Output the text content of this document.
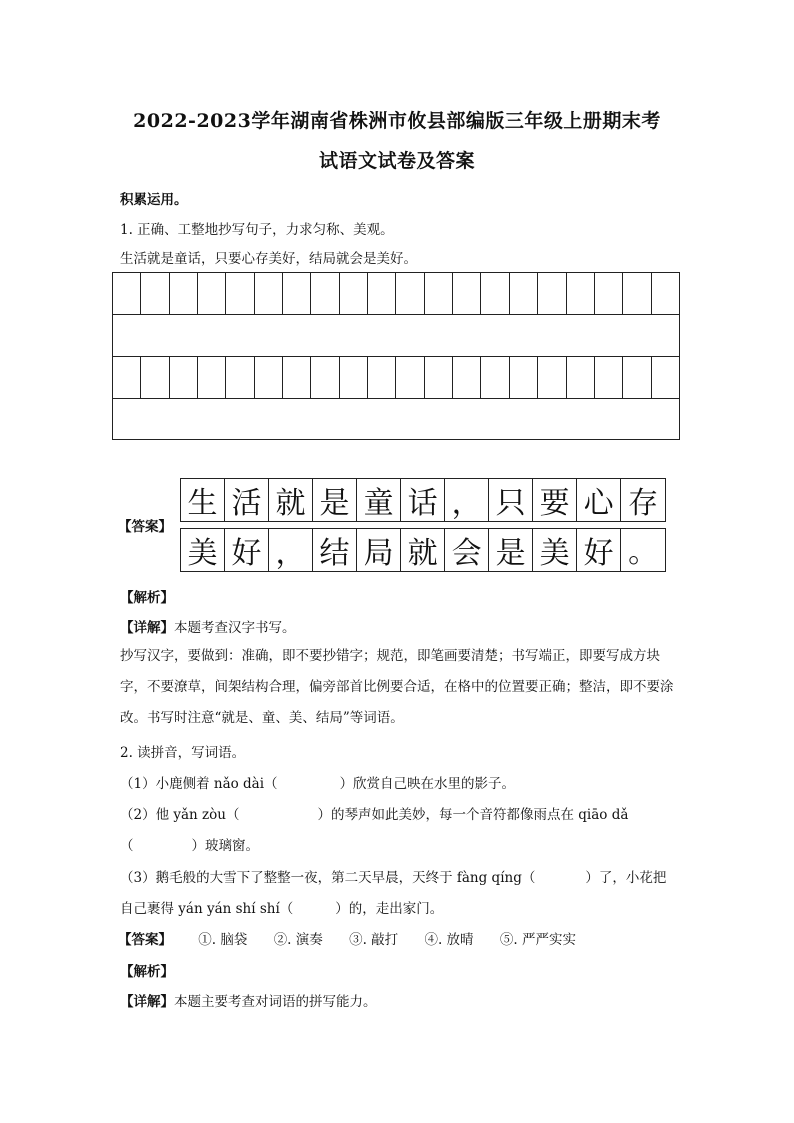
2022-2023学年湖南省株洲市攸县部编版三年级上册期末考
试语文试卷及答案
积累运用。
1. 正确、工整地抄写句子，力求匀称、美观。
生活就是童话，只要心存美好，结局就会是美好。
【答案】
生 活 就 是 童 话 ， 只 要 心 存
美 好 ， 结 局 就 会 是 美 好 。
【解析】
【详解】本题考查汉字书写。
抄写汉字，要做到：准确，即不要抄错字；规范，即笔画要清楚；书写端正，即要写成方块字，不要潦草，间架结构合理，偏旁部首比例要合适，在格中的位置要正确；整洁，即不要涂改。书写时注意“就是、童、美、结局”等词语。
2. 读拼音，写词语。
（1）小鹿侧着 nǎo dài（	）欣赏自己映在水里的影子。
（2）他 yǎn zòu（	）的琴声如此美妙，每一个音符都像雨点在 qiāo dǎ
（	）玻璃窗。
（3）鹅毛般的大雪下了整整一夜，第二天早晨，天终于 fàng qíng（	）了，小花把
自己裹得 yán yán shí shí（	）的，走出家门。
【答案】 ①. 脑袋 ②. 演奏 ③. 敲打 ④. 放晴 ⑤. 严严实实
【解析】
【详解】本题主要考查对词语的拼写能力。
